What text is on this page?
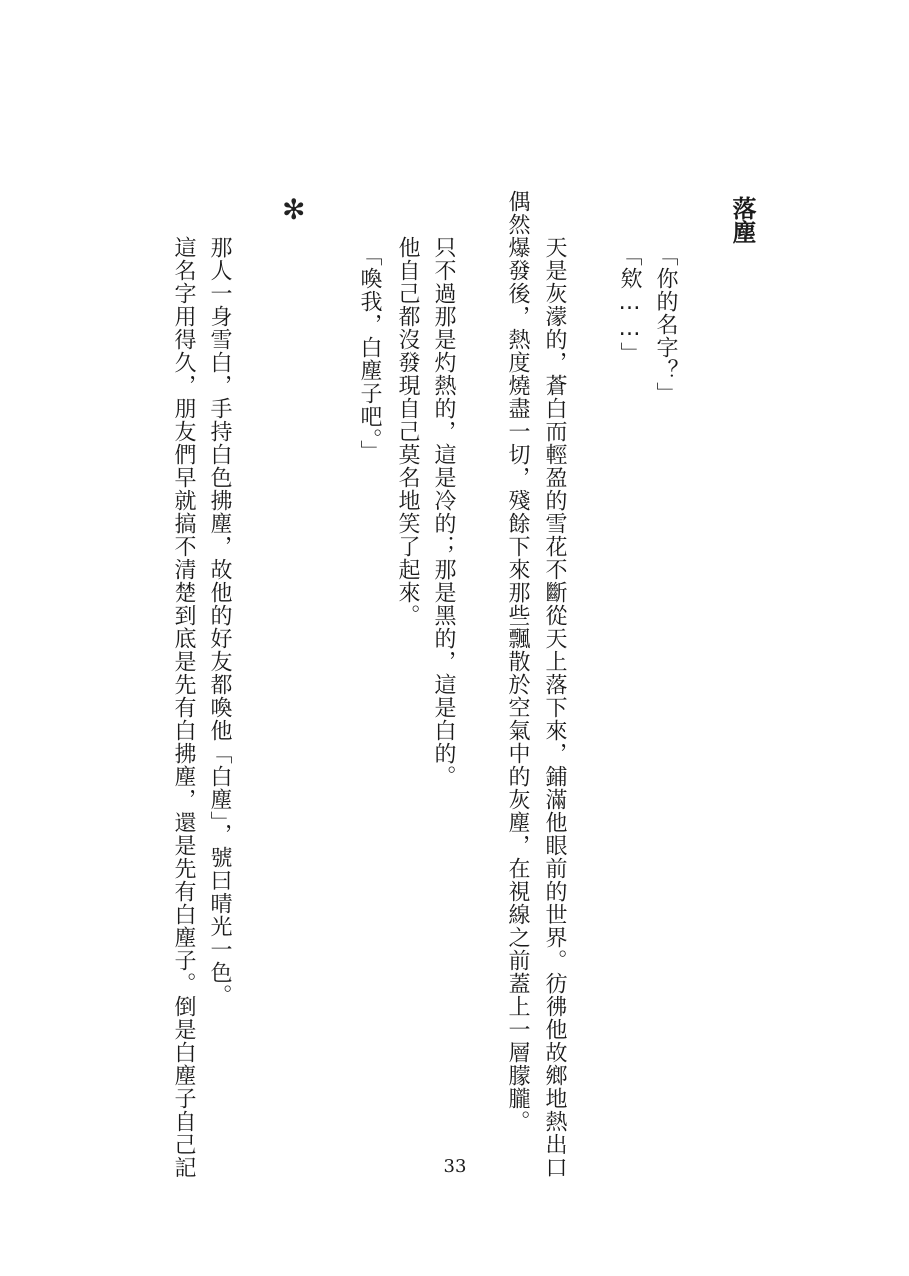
落塵
「你的名字？」
「欸……」
天是灰濛的，蒼白而輕盈的雪花不斷從天上落下來，鋪滿他眼前的世界。彷彿他故鄉地熱出口
偶然爆發後，熱度燒盡一切，殘餘下來那些飄散於空氣中的灰塵，在視線之前蓋上一層朦朧。
只不過那是灼熱的，這是冷的；那是黑的，這是白的。
他自己都沒發現自己莫名地笑了起來。
「喚我，白塵子吧。」
✻
那人一身雪白，手持白色拂塵，故他的好友都喚他「白塵」，號曰晴光一色。
這名字用得久，朋友們早就搞不清楚到底是先有白拂塵，還是先有白塵子。倒是白塵子自己記	33
